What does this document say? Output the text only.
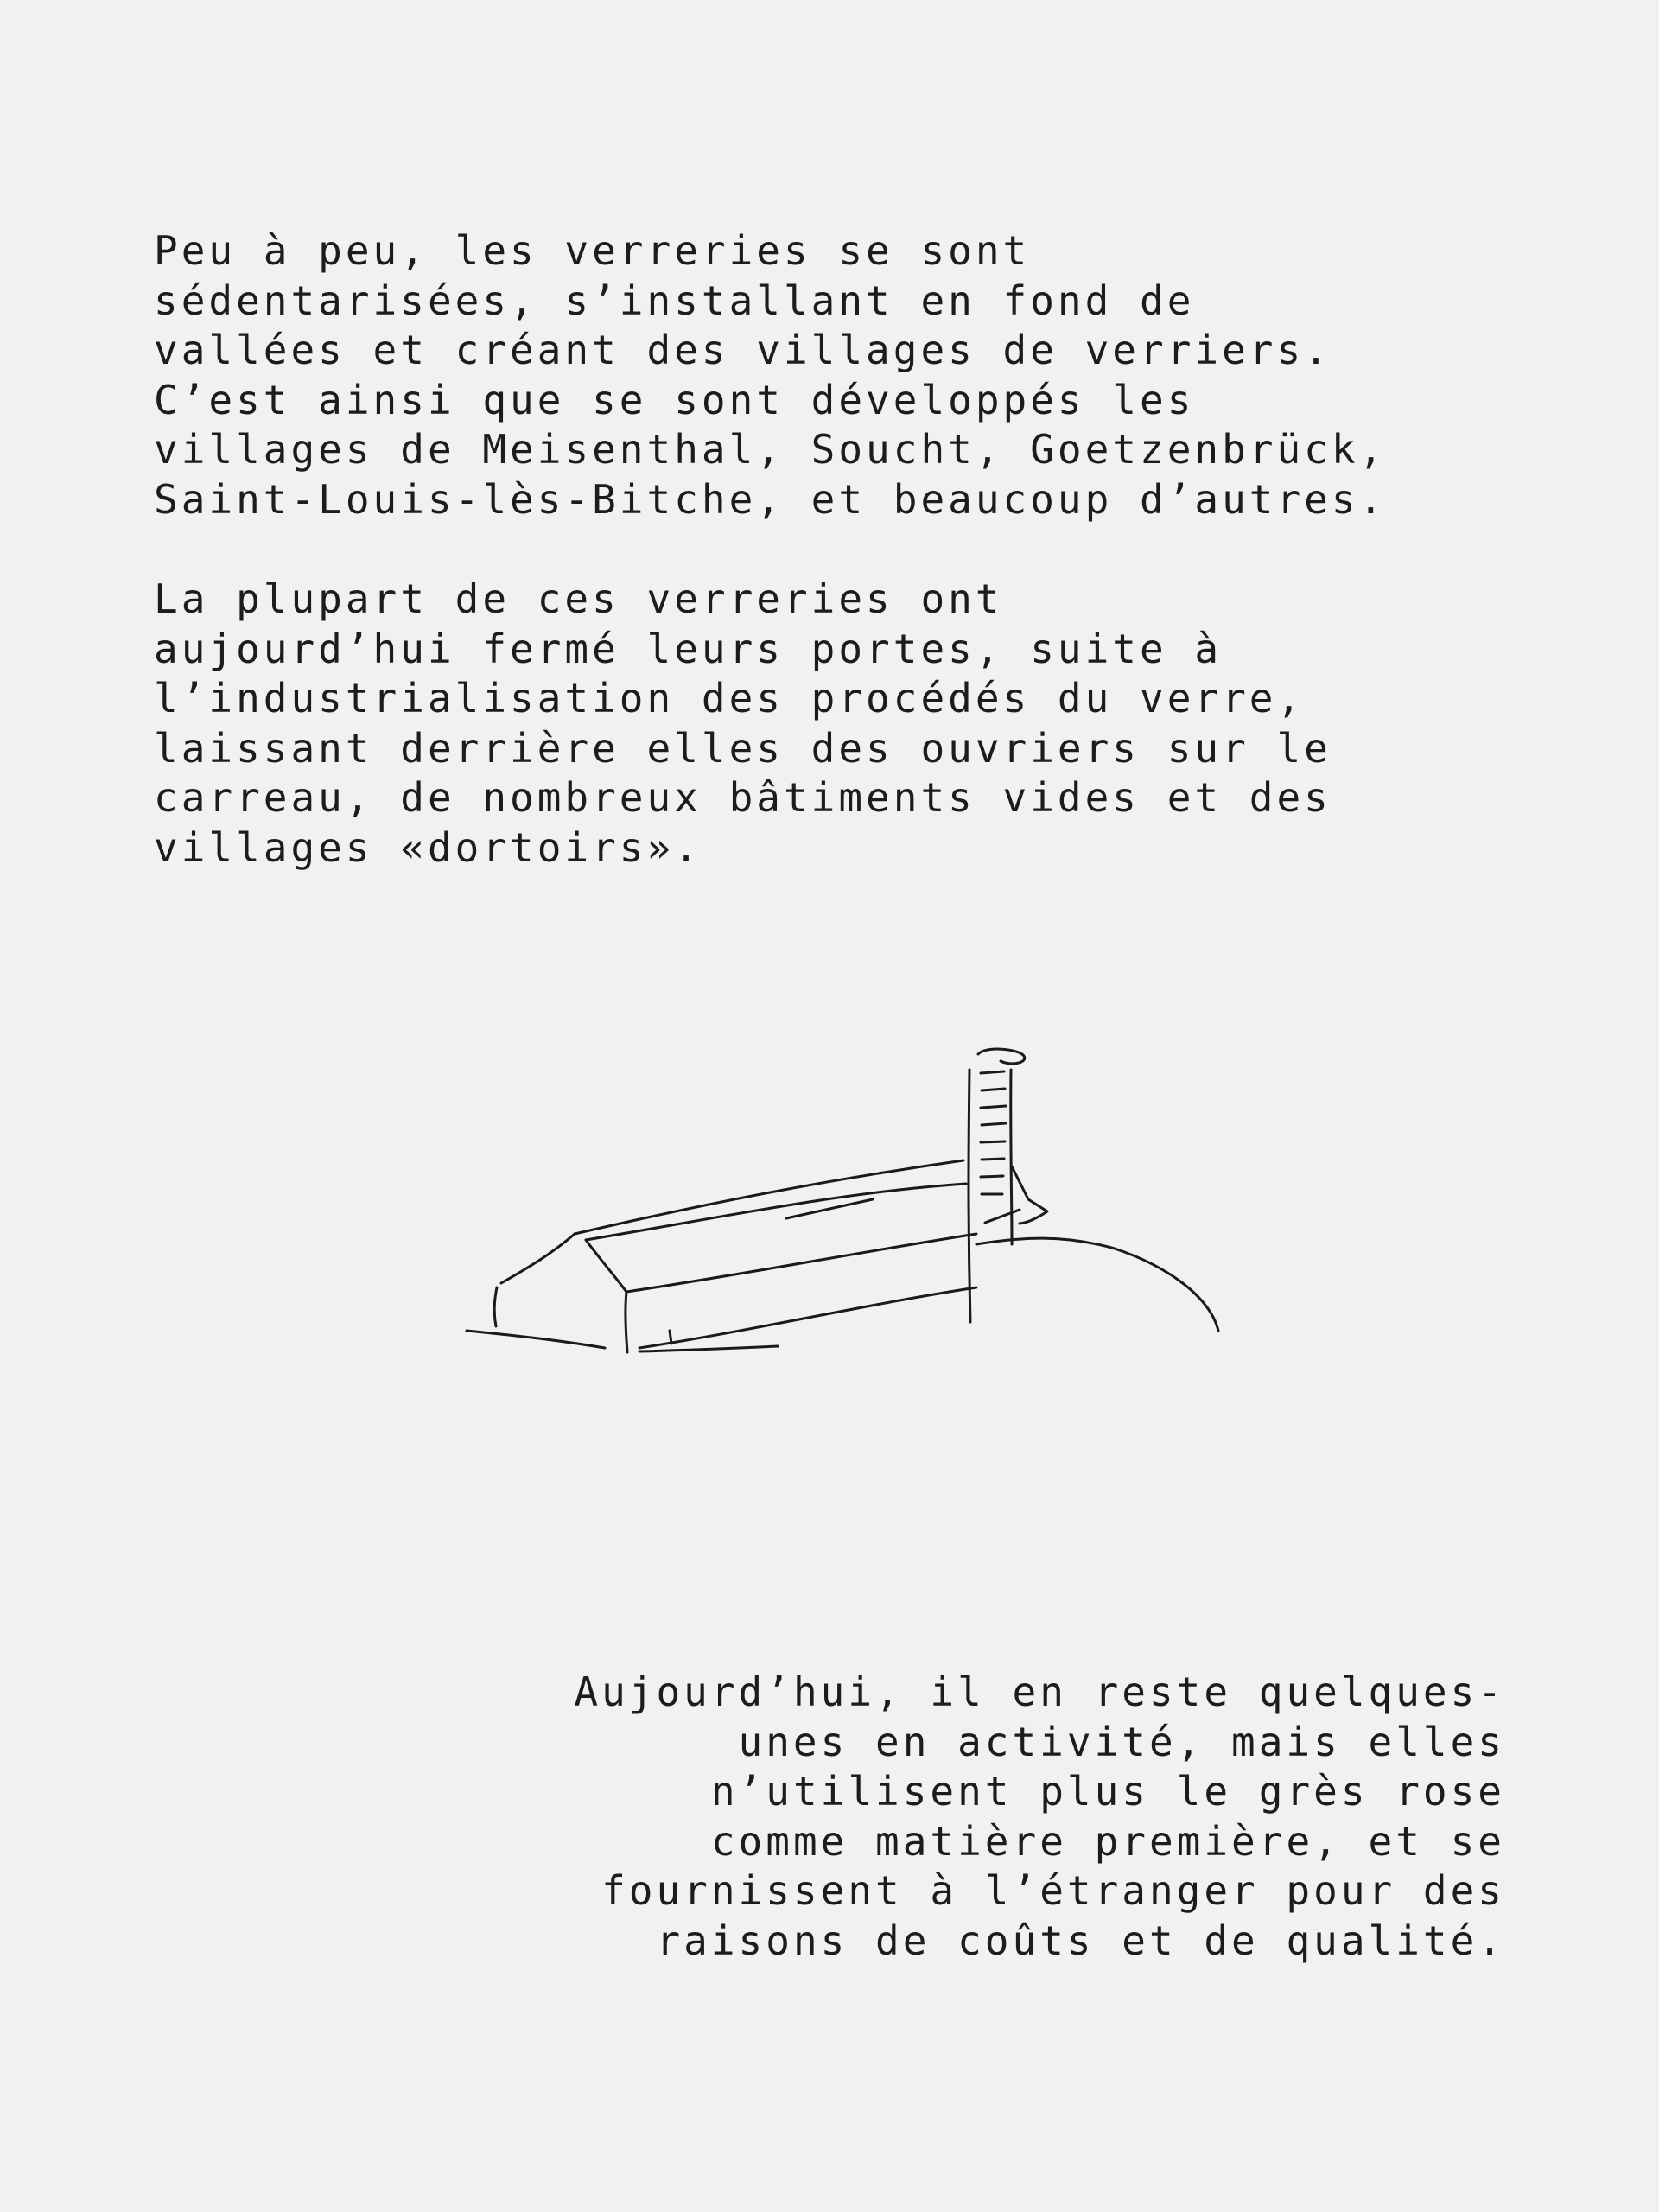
Peu à peu, les verreries se sont
sédentarisées, s’installant en fond de
vallées et créant des villages de verriers.
C’est ainsi que se sont développés les
villages de Meisenthal, Soucht, Goetzenbrück,
Saint-Louis-lès-Bitche, et beaucoup d’autres.
La plupart de ces verreries ont
aujourd’hui fermé leurs portes, suite à
l’industrialisation des procédés du verre,
laissant derrière elles des ouvriers sur le
carreau, de nombreux bâtiments vides et des
villages «dortoirs».
Aujourd’hui, il en reste quelques-
unes en activité, mais elles
n’utilisent plus le grès rose
comme matière première, et se
fournissent à l’étranger pour des
raisons de coûts et de qualité.
